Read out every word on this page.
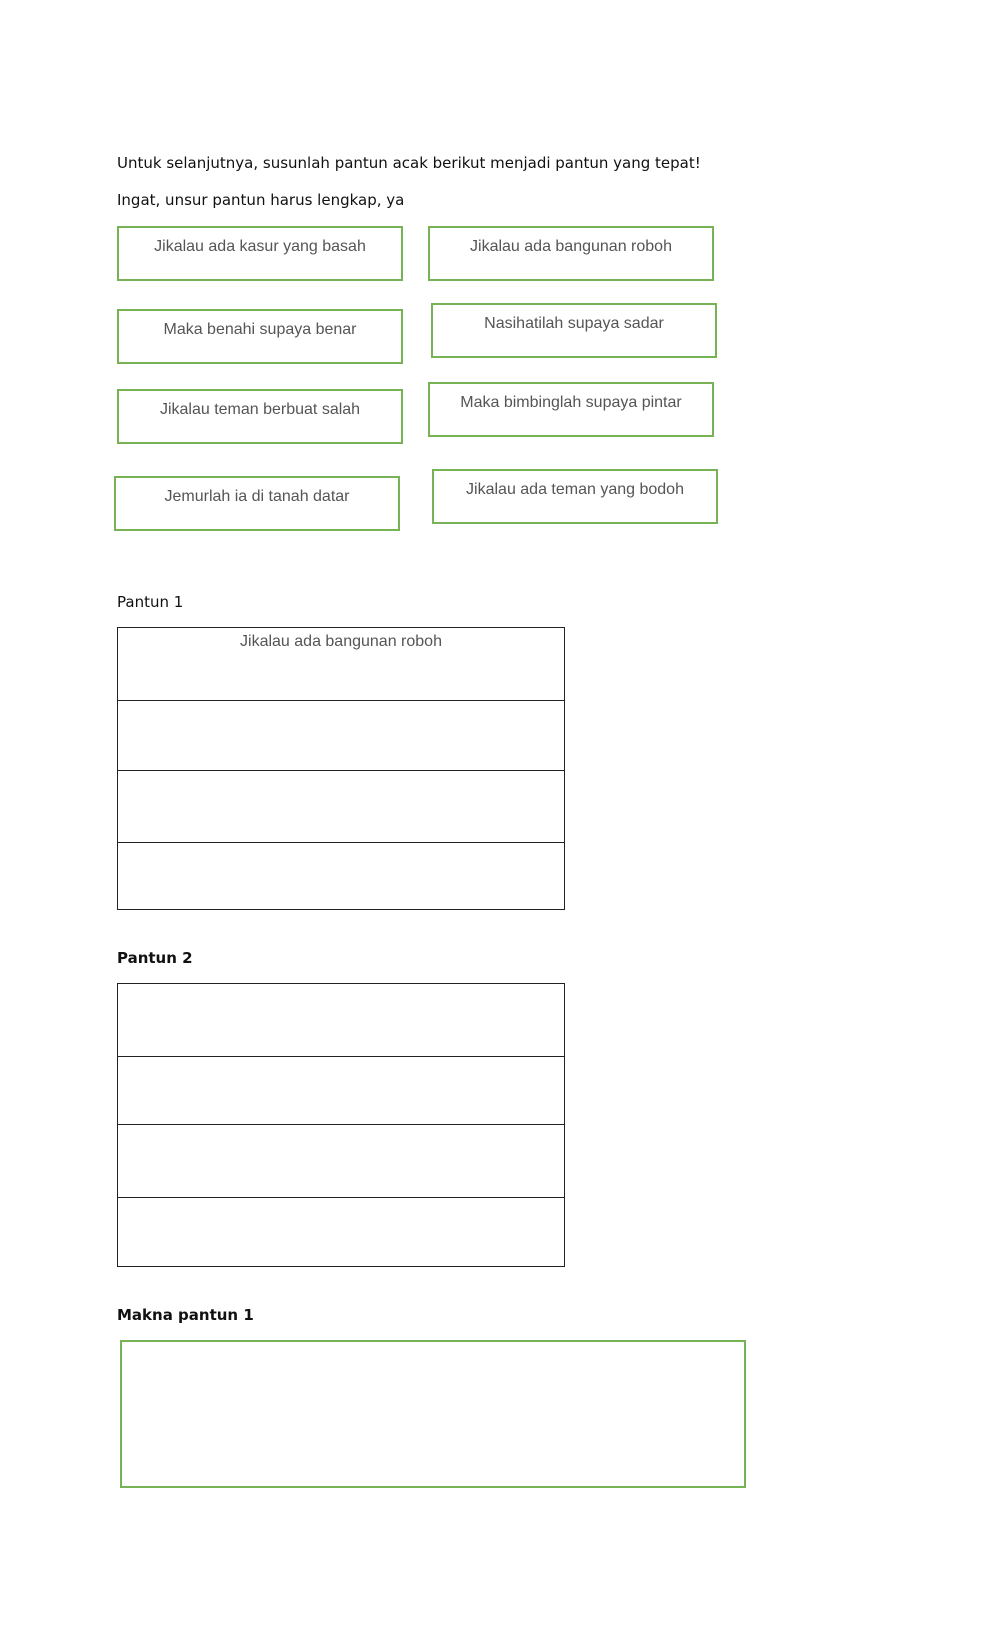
Untuk selanjutnya, susunlah pantun acak berikut menjadi pantun yang tepat!
Ingat, unsur pantun harus lengkap, ya
Jikalau ada kasur yang basah	Jikalau ada bangunan roboh
Maka benahi supaya benar	Nasihatilah supaya sadar
Jikalau teman berbuat salah	Maka bimbinglah supaya pintar
Jemurlah ia di tanah datar	Jikalau ada teman yang bodoh
Pantun 1
Jikalau ada bangunan roboh
Pantun 2
Makna pantun 1
